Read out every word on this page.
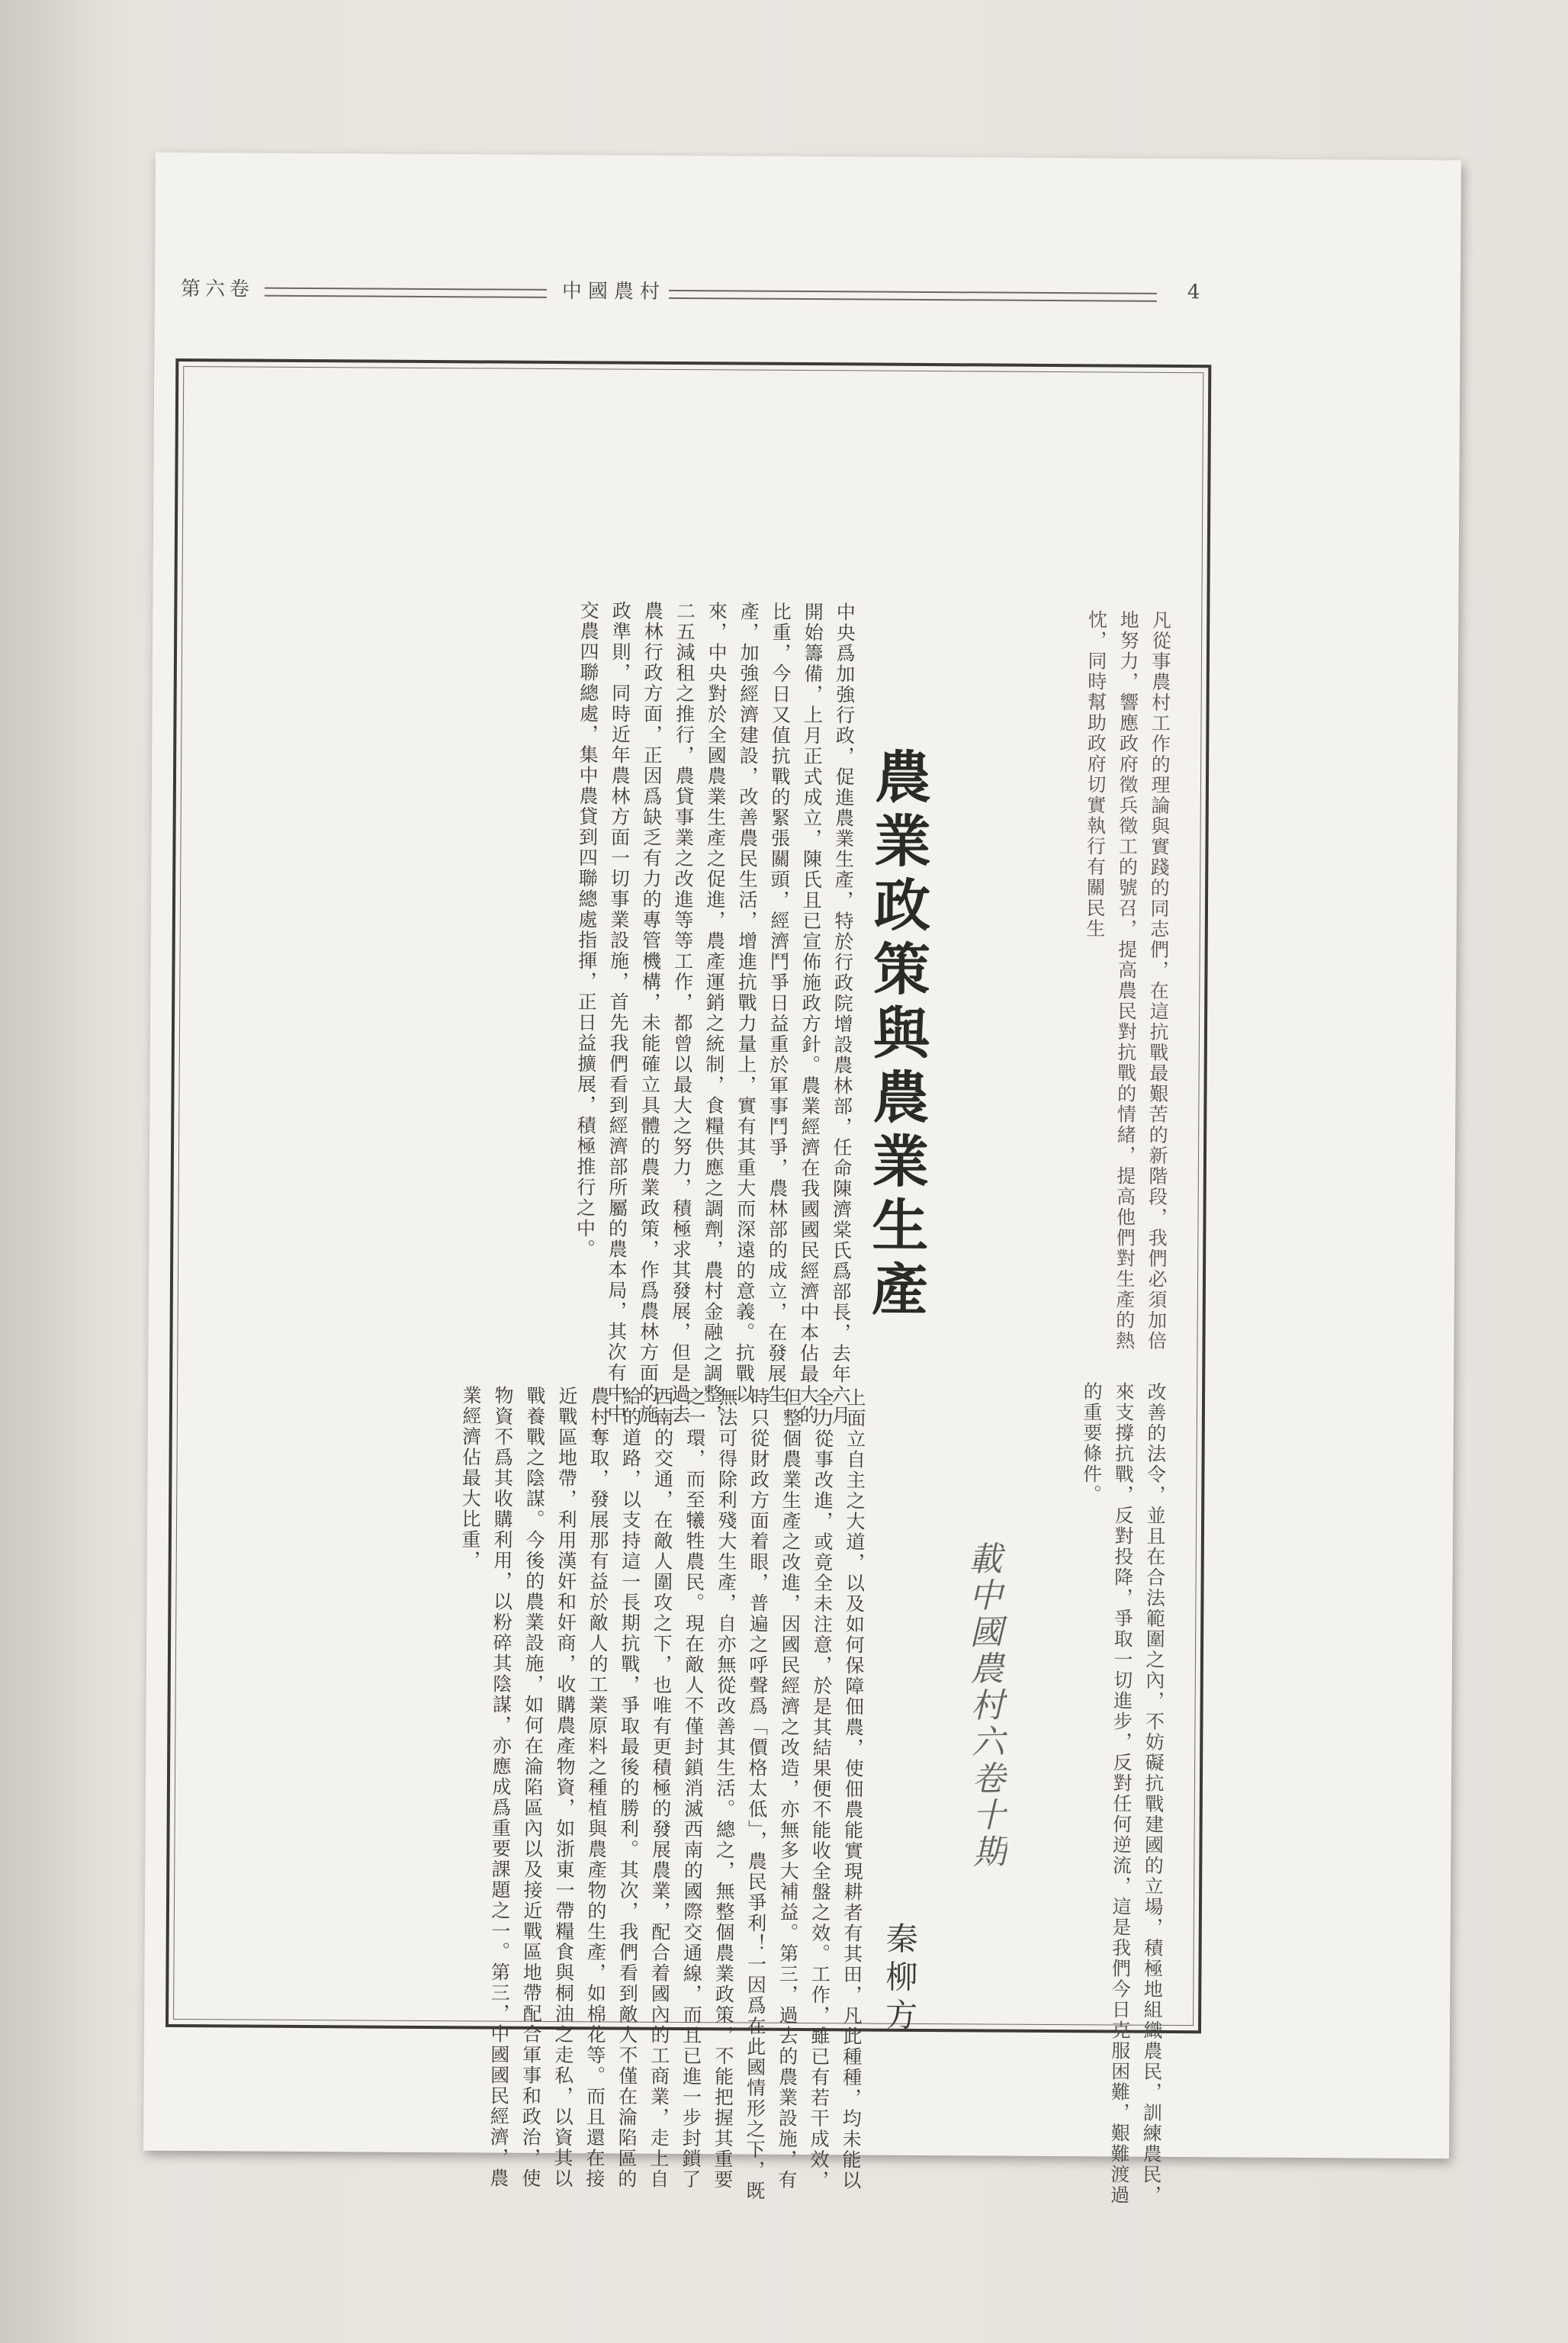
第六卷	中國農村	4
凡從事農村工作的理論與實踐的同志們，在這抗戰最艱苦的新階段，我們必須加倍地努力，響應政府徵兵徵工的號召，提高農民對抗戰的情緒，提高他們對生產的熱忱，同時幫助政府切實執行有關民生
改善的法令，並且在合法範圍之內，不妨礙抗戰建國的立場，積極地組織農民，訓練農民，來支撐抗戰，反對投降，爭取一切進步，反對任何逆流，這是我們今日克服困難，艱難渡過的重要條件。
農業政策與農業生產
載中國農村六卷十期
秦柳方
中央爲加強行政，促進農業生產，特於行政院增設農林部，任命陳濟棠氏爲部長，去年六月開始籌備，上月正式成立，陳氏且已宣佈施政方針。農業經濟在我國國民經濟中本佔最大的比重，今日又值抗戰的緊張關頭，經濟鬥爭日益重於軍事鬥爭，農林部的成立，在發展生產，加強經濟建設，改善農民生活，增進抗戰力量上，實有其重大而深遠的意義。抗戰以來，中央對於全國農業生產之促進，農產運銷之統制，食糧供應之調劑，農村金融之調整，二五減租之推行，農貸事業之改進等等工作，都曾以最大之努力，積極求其發展，但是過去農林行政方面，正因爲缺乏有力的專管機構，未能確立具體的農業政策，作爲農林方面的施政準則，同時近年農林方面一切事業設施，首先我們看到經濟部所屬的農本局，其次有中中交農四聯總處，集中農貸到四聯總處指揮，正日益擴展，積極推行之中。
上面立自主之大道，以及如何保障佃農，使佃農能實現耕者有其田，凡此種種，均未能以全力從事改進，或竟全未注意，於是其結果便不能收全盤之效。工作，雖已有若干成效，但整個農業生產之改進，因國民經濟之改造，亦無多大補益。第三，過去的農業設施，有時只從財政方面着眼，普遍之呼聲爲「價格太低」，農民爭利！一因爲在此國情形之下，既無法可得除利殘大生產，自亦無從改善其生活。總之，無整個農業政策，不能把握其重要之一環，而至犧牲農民。現在敵人不僅封鎖消滅西南的國際交通線，而且已進一步封鎖了西南的交通，在敵人圍攻之下，也唯有更積極的發展農業，配合着國內的工商業，走上自給的道路，以支持這一長期抗戰，爭取最後的勝利。其次，我們看到敵人不僅在淪陷區的農村奪取，發展那有益於敵人的工業原料之種植與農產物的生產，如棉花等。而且還在接近戰區地帶，利用漢奸和奸商，收購農產物資，如浙東一帶糧食與桐油之走私，以資其以戰養戰之陰謀。今後的農業設施，如何在淪陷區內以及接近戰區地帶配合軍事和政治，使物資不爲其收購利用，以粉碎其陰謀，亦應成爲重要課題之一。第三，中國國民經濟，農業經濟佔最大比重，
